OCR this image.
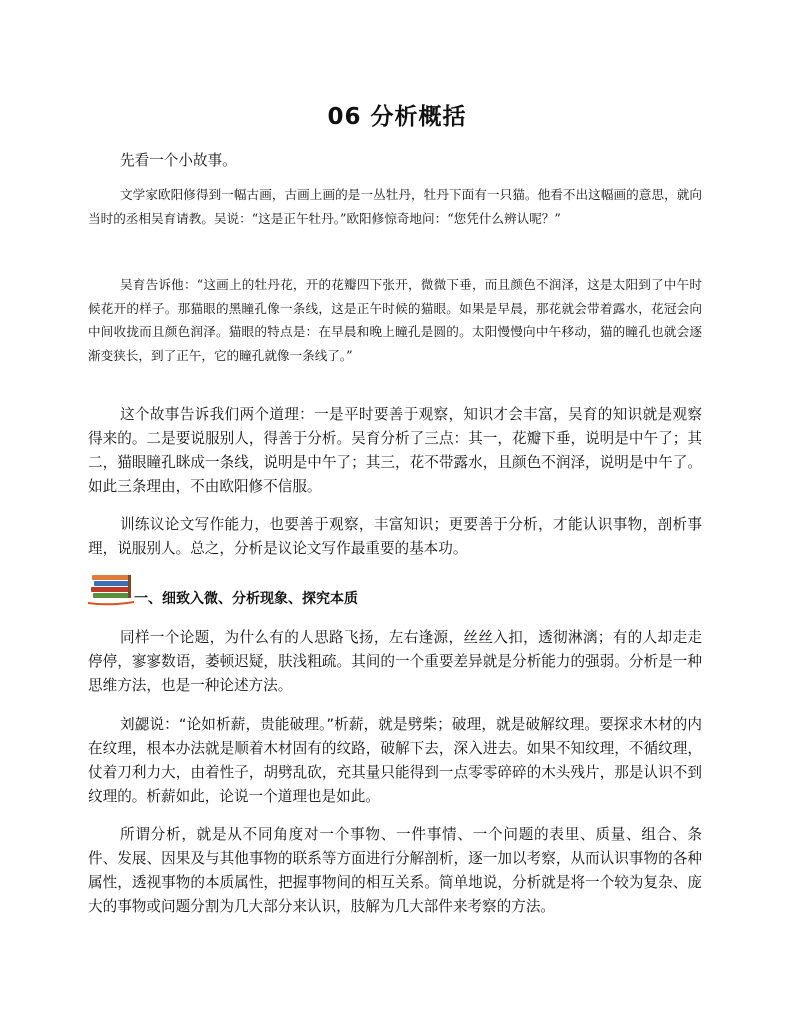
06 分析概括

先看一个小故事。

文学家欧阳修得到一幅古画，古画上画的是一丛牡丹，牡丹下面有一只猫。他看不出这幅画的意思，就向当时的丞相吴育请教。吴说：“这是正午牡丹。”欧阳修惊奇地问：“您凭什么辨认呢？”

吴育告诉他：“这画上的牡丹花，开的花瓣四下张开，微微下垂，而且颜色不润泽，这是太阳到了中午时候花开的样子。那猫眼的黑瞳孔像一条线，这是正午时候的猫眼。如果是早晨，那花就会带着露水，花冠会向中间收拢而且颜色润泽。猫眼的特点是：在早晨和晚上瞳孔是圆的。太阳慢慢向中午移动，猫的瞳孔也就会逐渐变狭长，到了正午，它的瞳孔就像一条线了。”

这个故事告诉我们两个道理：一是平时要善于观察，知识才会丰富，吴育的知识就是观察得来的。二是要说服别人，得善于分析。吴育分析了三点：其一，花瓣下垂，说明是中午了；其二，猫眼瞳孔眯成一条线，说明是中午了；其三，花不带露水，且颜色不润泽，说明是中午了。如此三条理由，不由欧阳修不信服。

训练议论文写作能力，也要善于观察，丰富知识；更要善于分析，才能认识事物，剖析事理，说服别人。总之，分析是议论文写作最重要的基本功。

一、细致入微、分析现象、探究本质

同样一个论题，为什么有的人思路飞扬，左右逢源，丝丝入扣，透彻淋漓；有的人却走走停停，寥寥数语，萎顿迟疑，肤浅粗疏。其间的一个重要差异就是分析能力的强弱。分析是一种思维方法，也是一种论述方法。

刘勰说：“论如析薪，贵能破理。”析薪，就是劈柴；破理，就是破解纹理。要探求木材的内在纹理，根本办法就是顺着木材固有的纹路，破解下去，深入进去。如果不知纹理，不循纹理，仗着刀利力大，由着性子，胡劈乱砍，充其量只能得到一点零零碎碎的木头残片，那是认识不到纹理的。析薪如此，论说一个道理也是如此。

所谓分析，就是从不同角度对一个事物、一件事情、一个问题的表里、质量、组合、条件、发展、因果及与其他事物的联系等方面进行分解剖析，逐一加以考察，从而认识事物的各种属性，透视事物的本质属性，把握事物间的相互关系。简单地说，分析就是将一个较为复杂、庞大的事物或问题分割为几大部分来认识，肢解为几大部件来考察的方法。
